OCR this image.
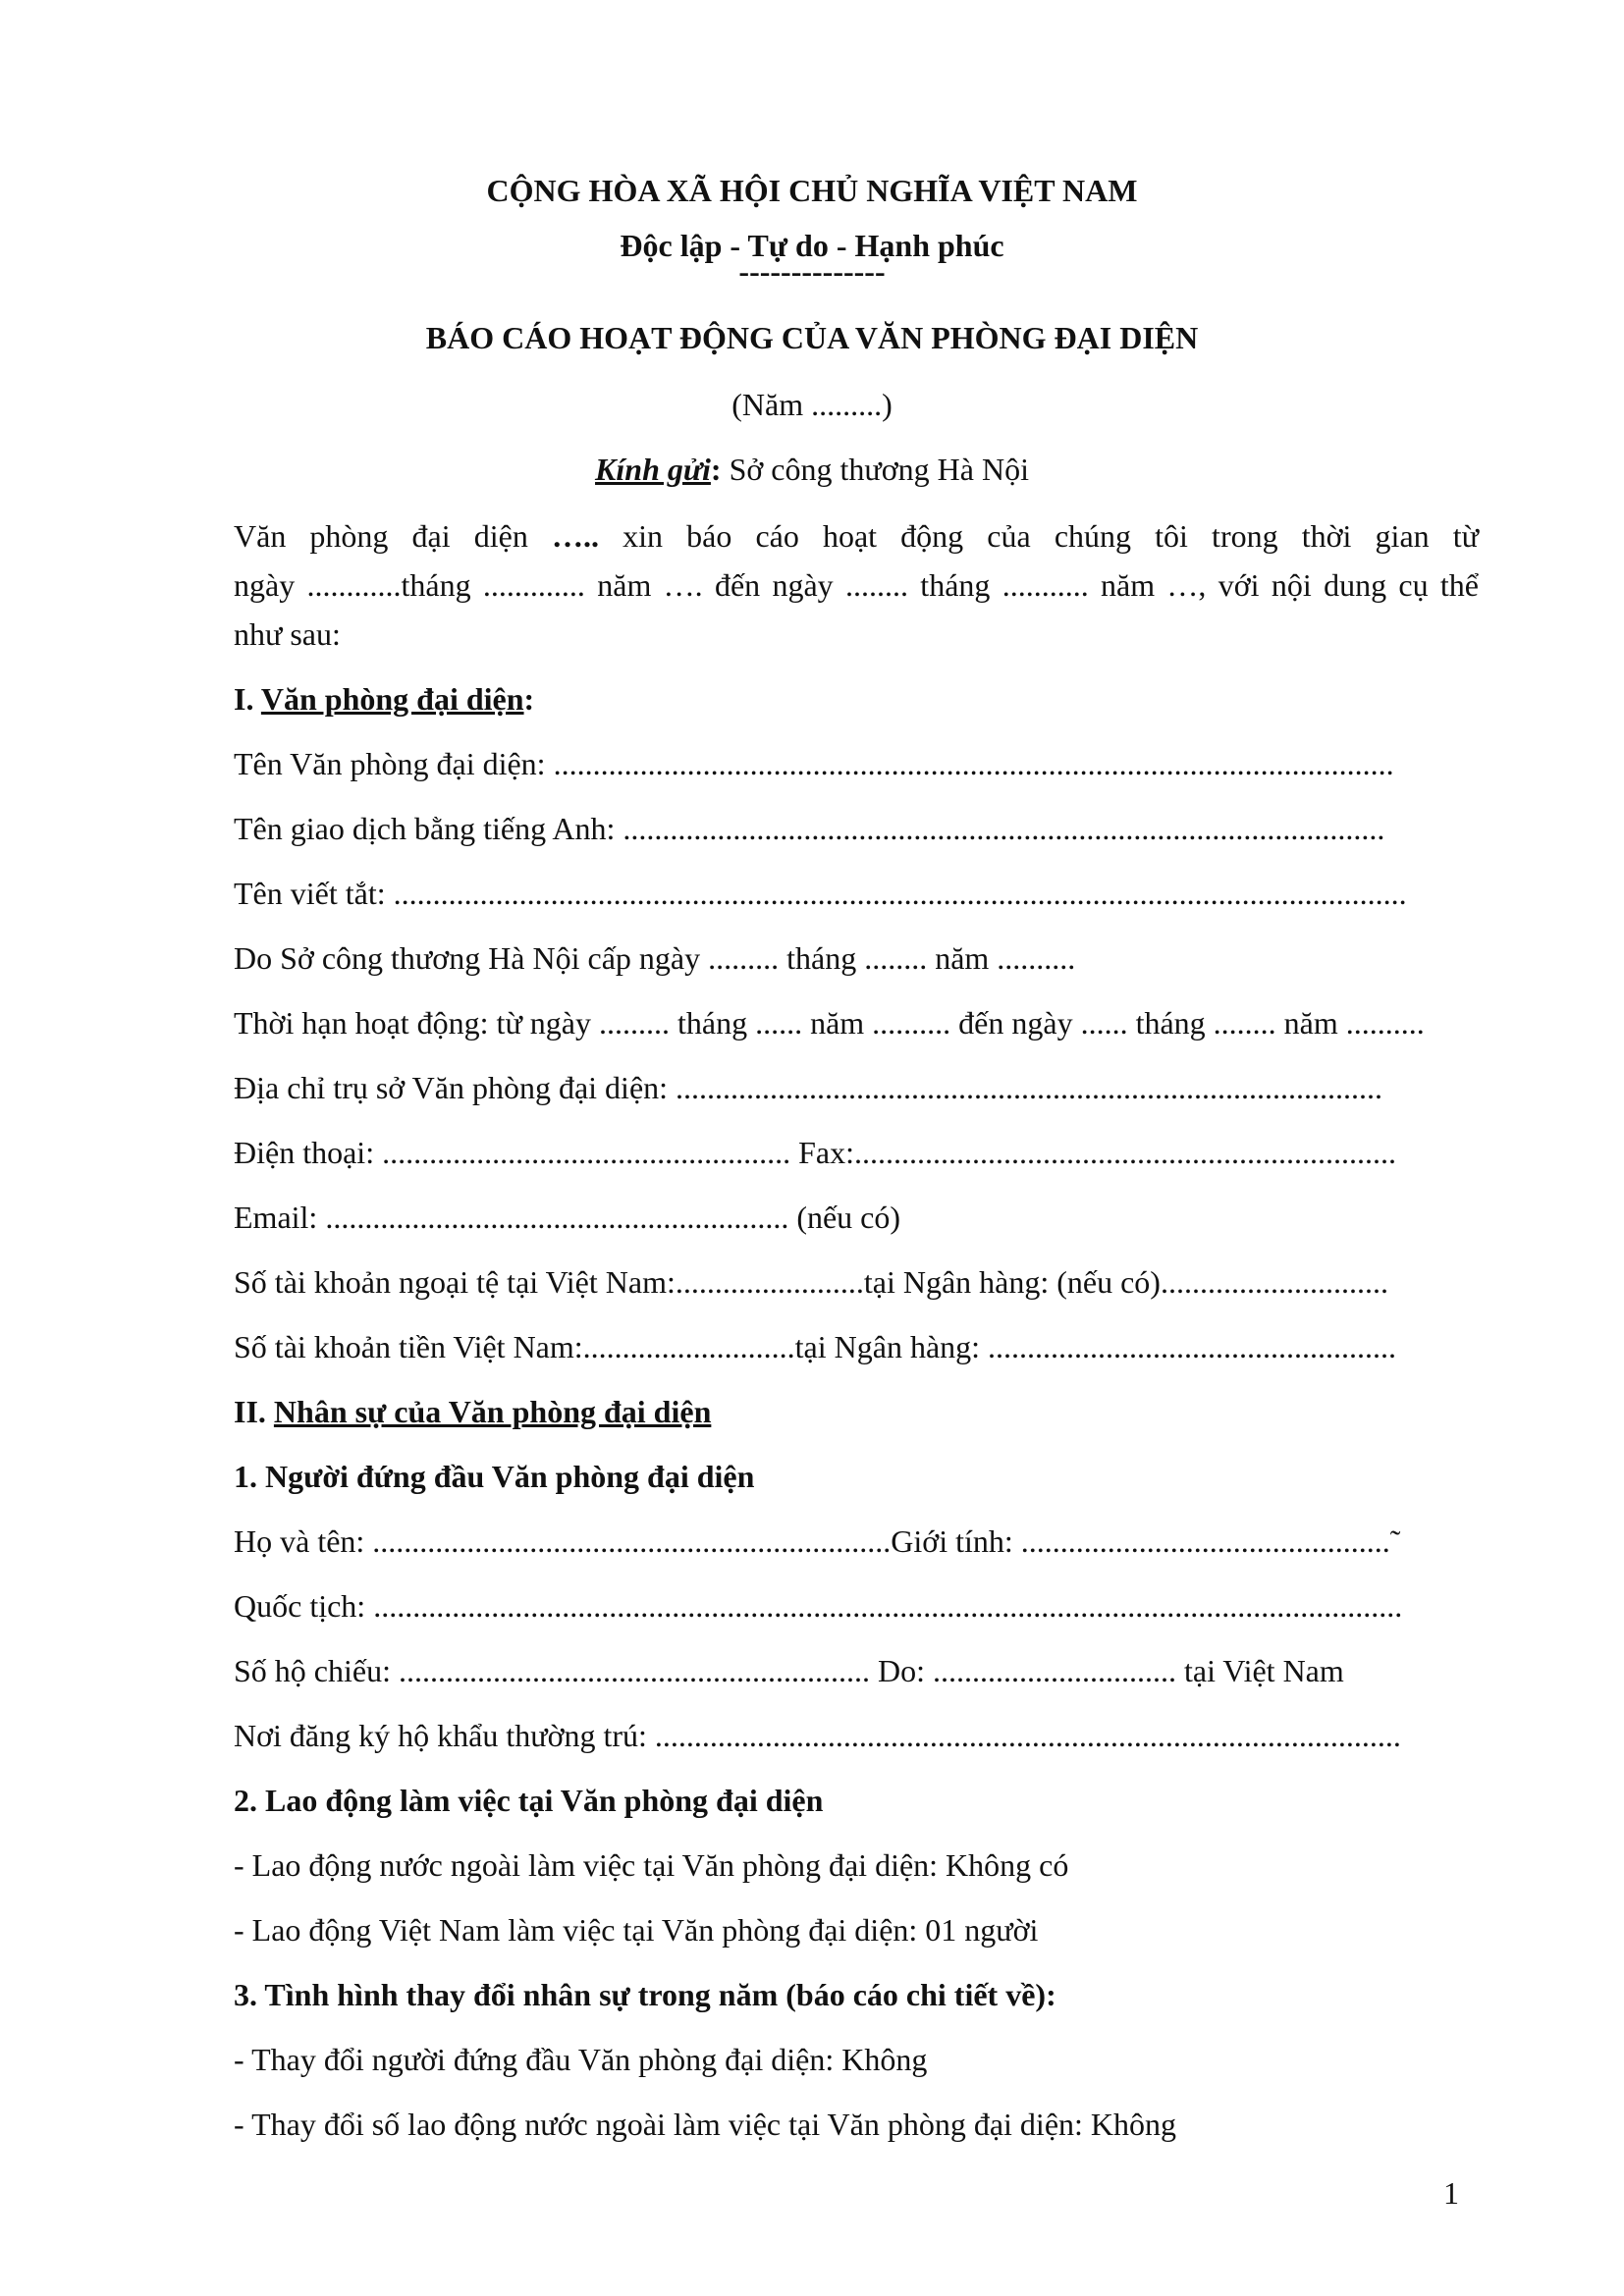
CỘNG HÒA XÃ HỘI CHỦ NGHĨA VIỆT NAM
Độc lập - Tự do - Hạnh phúc
--------------
BÁO CÁO HOẠT ĐỘNG CỦA VĂN PHÒNG ĐẠI DIỆN
(Năm .........)
Kính gửi: Sở công thương Hà Nội
Văn phòng đại diện ….. xin báo cáo hoạt động của chúng tôi trong thời gian từ
ngày ............tháng ............. năm …. đến ngày ........ tháng ........... năm …, với nội dung cụ thể
như sau:
I. Văn phòng đại diện:
Tên Văn phòng đại diện: ...........................................................................................................
Tên giao dịch bằng tiếng Anh: .................................................................................................
Tên viết tắt: .................................................................................................................................
Do Sở công thương Hà Nội cấp ngày ......... tháng ........ năm ..........
Thời hạn hoạt động: từ ngày ......... tháng ...... năm .......... đến ngày ...... tháng ........ năm ..........
Địa chỉ trụ sở Văn phòng đại diện: ..........................................................................................
Điện thoại: .................................................... Fax:.....................................................................
Email: ........................................................... (nếu có)
Số tài khoản ngoại tệ tại Việt Nam:........................tại Ngân hàng: (nếu có).............................
Số tài khoản tiền Việt Nam:...........................tại Ngân hàng: ....................................................
II. Nhân sự của Văn phòng đại diện
1. Người đứng đầu Văn phòng đại diện
Họ và tên: ..................................................................Giới tính: ...............................................̃
Quốc tịch: ...................................................................................................................................
Số hộ chiếu: ............................................................ Do: ............................... tại Việt Nam
Nơi đăng ký hộ khẩu thường trú: ...............................................................................................
2. Lao động làm việc tại Văn phòng đại diện
- Lao động nước ngoài làm việc tại Văn phòng đại diện: Không có
- Lao động Việt Nam làm việc tại Văn phòng đại diện: 01 người
3. Tình hình thay đổi nhân sự trong năm (báo cáo chi tiết về):
- Thay đổi người đứng đầu Văn phòng đại diện: Không
- Thay đổi số lao động nước ngoài làm việc tại Văn phòng đại diện: Không
1
